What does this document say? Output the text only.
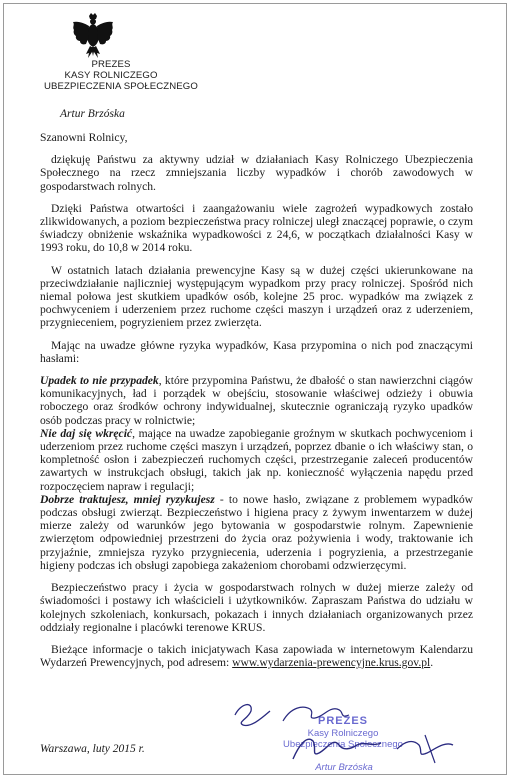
PREZES
KASY ROLNICZEGO
UBEZPIECZENIA SPOŁECZNEGO
Artur Brzóska

Szanowni Rolnicy,

dziękuję Państwu za aktywny udział w działaniach Kasy Rolniczego Ubezpieczenia Społecznego na rzecz zmniejszania liczby wypadków i chorób zawodowych w gospodarstwach rolnych.

Dzięki Państwa otwartości i zaangażowaniu wiele zagrożeń wypadkowych zostało zlikwidowanych, a poziom bezpieczeństwa pracy rolniczej uległ znaczącej poprawie, o czym świadczy obniżenie wskaźnika wypadkowości z 24,6, w początkach działalności Kasy w 1993 roku, do 10,8 w 2014 roku.

W ostatnich latach działania prewencyjne Kasy są w dużej części ukierunkowane na przeciwdziałanie najliczniej występującym wypadkom przy pracy rolniczej. Spośród nich niemal połowa jest skutkiem upadków osób, kolejne 25 proc. wypadków ma związek z pochwyceniem i uderzeniem przez ruchome części maszyn i urządzeń oraz z uderzeniem, przygnieceniem, pogryzieniem przez zwierzęta.

Mając na uwadze główne ryzyka wypadków, Kasa przypomina o nich pod znaczącymi hasłami:

Upadek to nie przypadek, które przypomina Państwu, że dbałość o stan nawierzchni ciągów komunikacyjnych, ład i porządek w obejściu, stosowanie właściwej odzieży i obuwia roboczego oraz środków ochrony indywidualnej, skutecznie ograniczają ryzyko upadków osób podczas pracy w rolnictwie;

Nie daj się wkręcić, mające na uwadze zapobieganie groźnym w skutkach pochwyceniom i uderzeniom przez ruchome części maszyn i urządzeń, poprzez dbanie o ich właściwy stan, o kompletność osłon i zabezpieczeń ruchomych części, przestrzeganie zaleceń producentów zawartych w instrukcjach obsługi, takich jak np. konieczność wyłączenia napędu przed rozpoczęciem napraw i regulacji;

Dobrze traktujesz, mniej ryzykujesz - to nowe hasło, związane z problemem wypadków podczas obsługi zwierząt. Bezpieczeństwo i higiena pracy z żywym inwentarzem w dużej mierze zależy od warunków jego bytowania w gospodarstwie rolnym. Zapewnienie zwierzętom odpowiedniej przestrzeni do życia oraz pożywienia i wody, traktowanie ich przyjaźnie, zmniejsza ryzyko przygniecenia, uderzenia i pogryzienia, a przestrzeganie higieny podczas ich obsługi zapobiega zakażeniom chorobami odzwierzęcymi.

Bezpieczeństwo pracy i życia w gospodarstwach rolnych w dużej mierze zależy od świadomości i postawy ich właścicieli i użytkowników. Zapraszam Państwa do udziału w kolejnych szkoleniach, konkursach, pokazach i innych działaniach organizowanych przez oddziały regionalne i placówki terenowe KRUS.

Bieżące informacje o takich inicjatywach Kasa zapowiada w internetowym Kalendarzu Wydarzeń Prewencyjnych, pod adresem: www.wydarzenia-prewencyjne.krus.gov.pl.

PREZES
Kasy Rolniczego
Ubezpieczenia Społecznego
Artur Brzóska
Warszawa, luty 2015 r.
